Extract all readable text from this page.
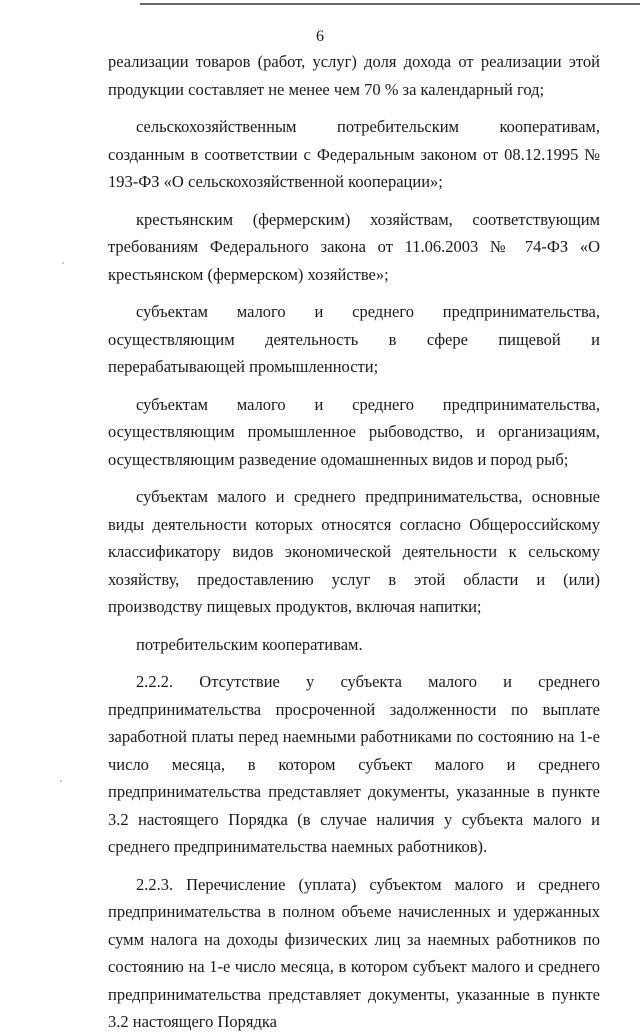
6

реализации товаров (работ, услуг) доля дохода от реализации этой продукции составляет не менее чем 70 % за календарный год;

сельскохозяйственным потребительским кооперативам, созданным в соответствии с Федеральным законом от 08.12.1995 № 193-ФЗ «О сельскохозяйственной кооперации»;

крестьянским (фермерским) хозяйствам, соответствующим требованиям Федерального закона от 11.06.2003 № 74-ФЗ «О крестьянском (фермерском) хозяйстве»;

субъектам малого и среднего предпринимательства, осуществляющим деятельность в сфере пищевой и перерабатывающей промышленности;

субъектам малого и среднего предпринимательства, осуществляющим промышленное рыбоводство, и организациям, осуществляющим разведение одомашненных видов и пород рыб;

субъектам малого и среднего предпринимательства, основные виды деятельности которых относятся согласно Общероссийскому классификатору видов экономической деятельности к сельскому хозяйству, предоставлению услуг в этой области и (или) производству пищевых продуктов, включая напитки;

потребительским кооперативам.

2.2.2. Отсутствие у субъекта малого и среднего предпринимательства просроченной задолженности по выплате заработной платы перед наемными работниками по состоянию на 1-е число месяца, в котором субъект малого и среднего предпринимательства представляет документы, указанные в пункте 3.2 настоящего Порядка (в случае наличия у субъекта малого и среднего предпринимательства наемных работников).

2.2.3. Перечисление (уплата) субъектом малого и среднего предпринимательства в полном объеме начисленных и удержанных сумм налога на доходы физических лиц за наемных работников по состоянию на 1-е число месяца, в котором субъект малого и среднего предпринимательства представляет документы, указанные в пункте 3.2 настоящего Порядка
